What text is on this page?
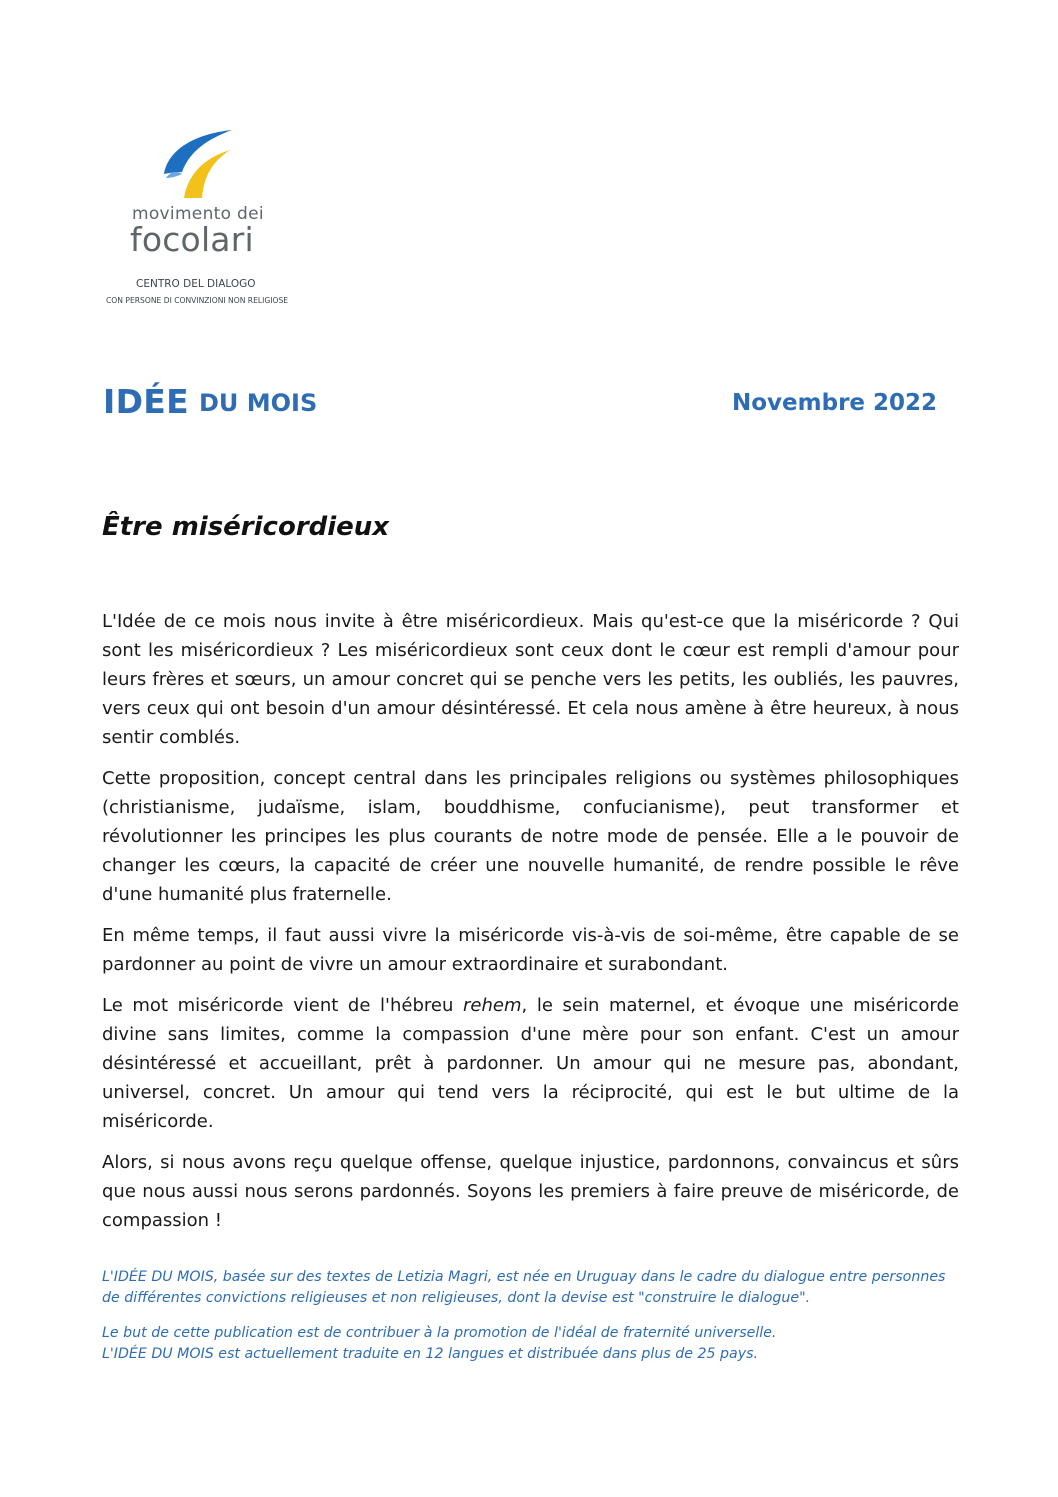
movimento dei
focolari
CENTRO DEL DIALOGO
CON PERSONE DI CONVINZIONI NON RELIGIOSE
IDÉE DU MOIS	Novembre 2022
Être miséricordieux

L'Idée de ce mois nous invite à être miséricordieux. Mais qu'est-ce que la miséricorde ? Qui sont les miséricordieux ? Les miséricordieux sont ceux dont le cœur est rempli d'amour pour leurs frères et sœurs, un amour concret qui se penche vers les petits, les oubliés, les pauvres, vers ceux qui ont besoin d'un amour désintéressé. Et cela nous amène à être heureux, à nous sentir comblés.

Cette proposition, concept central dans les principales religions ou systèmes philosophiques (christianisme, judaïsme, islam, bouddhisme, confucianisme), peut transformer et révolutionner les principes les plus courants de notre mode de pensée. Elle a le pouvoir de changer les cœurs, la capacité de créer une nouvelle humanité, de rendre possible le rêve d'une humanité plus fraternelle.

En même temps, il faut aussi vivre la miséricorde vis-à-vis de soi-même, être capable de se pardonner au point de vivre un amour extraordinaire et surabondant.

Le mot miséricorde vient de l'hébreu rehem, le sein maternel, et évoque une miséricorde divine sans limites, comme la compassion d'une mère pour son enfant. C'est un amour désintéressé et accueillant, prêt à pardonner. Un amour qui ne mesure pas, abondant, universel, concret. Un amour qui tend vers la réciprocité, qui est le but ultime de la miséricorde.

Alors, si nous avons reçu quelque offense, quelque injustice, pardonnons, convaincus et sûrs que nous aussi nous serons pardonnés. Soyons les premiers à faire preuve de miséricorde, de compassion !

L'IDÉE DU MOIS, basée sur des textes de Letizia Magri, est née en Uruguay dans le cadre du dialogue entre personnes de différentes convictions religieuses et non religieuses, dont la devise est "construire le dialogue".

Le but de cette publication est de contribuer à la promotion de l'idéal de fraternité universelle.
L'IDÉE DU MOIS est actuellement traduite en 12 langues et distribuée dans plus de 25 pays.
